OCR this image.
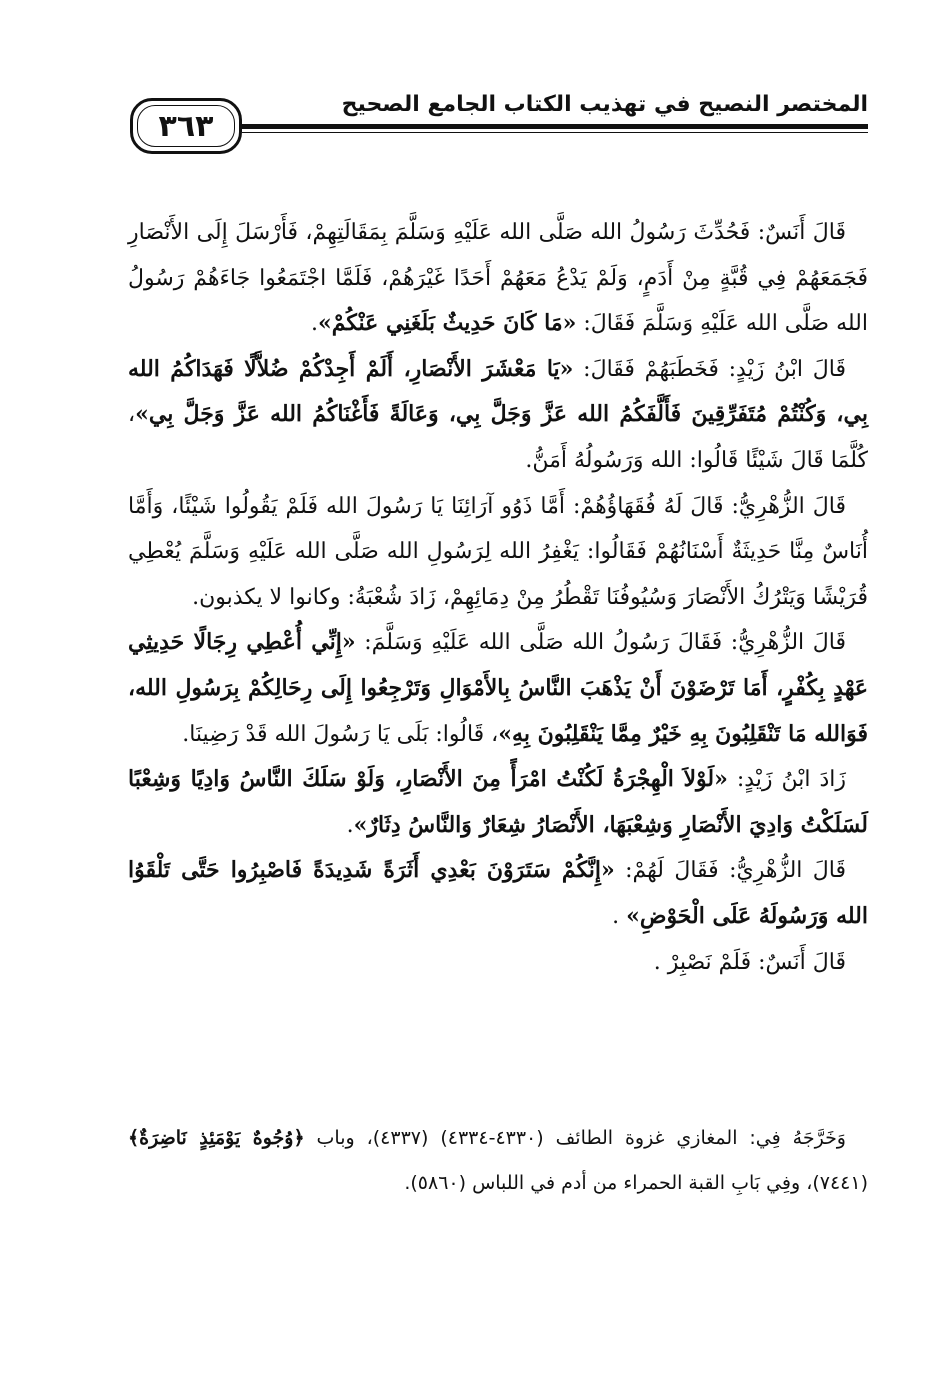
٣٦٣
المختصر النصيح في تهذيب الكتاب الجامع الصحيح

قَالَ أَنَسٌ: فَحُدِّثَ رَسُولُ الله صَلَّى الله عَلَيْهِ وَسَلَّمَ بِمَقَالَتِهِمْ، فَأَرْسَلَ إِلَى الأَنْصَارِ فَجَمَعَهُمْ فِي قُبَّةٍ مِنْ أَدَمٍ، وَلَمْ يَدْعُ مَعَهُمْ أَحَدًا غَيْرَهُمْ، فَلَمَّا اجْتَمَعُوا جَاءَهُمْ رَسُولُ الله صَلَّى الله عَلَيْهِ وَسَلَّمَ فَقَالَ: «مَا كَانَ حَدِيثٌ بَلَغَنِي عَنْكُمْ».

قَالَ ابْنُ زَيْدٍ: فَخَطَبَهُمْ فَقَالَ: «يَا مَعْشَرَ الأَنْصَارِ، أَلَمْ أَجِدْكُمْ ضُلاَّلًا فَهَدَاكُمُ الله بِي، وَكُنْتُمْ مُتَفَرِّقِينَ فَأَلَّفَكُمُ الله عَزَّ وَجَلَّ بِي، وَعَالَةً فَأَغْنَاكُمُ الله عَزَّ وَجَلَّ بِي»، كُلَّمَا قَالَ شَيْئًا قَالُوا: الله وَرَسُولُهُ أَمَنُّ.

قَالَ الزُّهْرِيُّ: قَالَ لَهُ فُقَهَاؤُهُمْ: أَمَّا ذَوُو آرَائِنَا يَا رَسُولَ الله فَلَمْ يَقُولُوا شَيْئًا، وَأَمَّا أُنَاسٌ مِنَّا حَدِيثَةٌ أَسْنَانُهُمْ فَقَالُوا: يَغْفِرُ الله لِرَسُولِ الله صَلَّى الله عَلَيْهِ وَسَلَّمَ يُعْطِي قُرَيْشًا وَيَتْرُكُ الأَنْصَارَ وَسُيُوفُنَا تَقْطُرُ مِنْ دِمَائِهِمْ، زَادَ شُعْبَةُ: وكانوا لا يكذبون.

قَالَ الزُّهْرِيُّ: فَقَالَ رَسُولُ الله صَلَّى الله عَلَيْهِ وَسَلَّمَ: «إِنِّي أُعْطِي رِجَالًا حَدِيثِي عَهْدٍ بِكُفْرٍ، أَمَا تَرْضَوْنَ أَنْ يَذْهَبَ النَّاسُ بِالأَمْوَالِ وَتَرْجِعُوا إِلَى رِحَالِكُمْ بِرَسُولِ الله، فَوَالله مَا تَنْقَلِبُونَ بِهِ خَيْرٌ مِمَّا يَنْقَلِبُونَ بِهِ»، قَالُوا: بَلَى يَا رَسُولَ الله قَدْ رَضِينَا.

زَادَ ابْنُ زَيْدٍ: «لَوْلاَ الْهِجْرَةُ لَكُنْتُ امْرَأً مِنَ الأَنْصَارِ، وَلَوْ سَلَكَ النَّاسُ وَادِيًا وَشِعْبًا لَسَلَكْتُ وَادِيَ الأَنْصَارِ وَشِعْبَهَا، الأَنْصَارُ شِعَارٌ وَالنَّاسُ دِثَارٌ».

قَالَ الزُّهْرِيُّ: فَقَالَ لَهُمْ: «إِنَّكُمْ سَتَرَوْنَ بَعْدِي أَثَرَةً شَدِيدَةً فَاصْبِرُوا حَتَّى تَلْقَوُا الله وَرَسُولَهُ عَلَى الْحَوْضِ» .

قَالَ أَنَسٌ: فَلَمْ نَصْبِرْ .

وَخَرَّجَهُ فِي: المغازي غزوة الطائف (٤٣٣٠-٤٣٣٤) (٤٣٣٧)، وباب ﴿وُجُوهٌ يَوْمَئِذٍ نَاضِرَةٌ﴾(٧٤٤١)، وفِي بَابِ القبة الحمراء من أدم في اللباس (٥٨٦٠).
